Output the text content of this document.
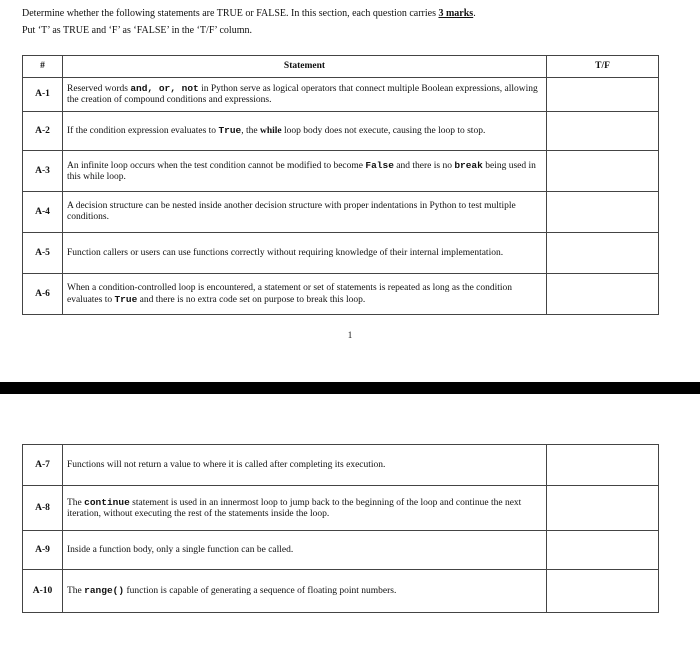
Determine whether the following statements are TRUE or FALSE. In this section, each question carries 3 marks.
Put ‘T’ as TRUE and ‘F’ as ‘FALSE’ in the ‘T/F’ column.
#	Statement	T/F
A-1	Reserved words and, or, not in Python serve as logical operators that connect multiple Boolean expressions, allowing the creation of compound conditions and expressions.	
A-2	If the condition expression evaluates to True, the while loop body does not execute, causing the loop to stop.	
A-3	An infinite loop occurs when the test condition cannot be modified to become False and there is no break being used in this while loop.	
A-4	A decision structure can be nested inside another decision structure with proper indentations in Python to test multiple conditions.	
A-5	Function callers or users can use functions correctly without requiring knowledge of their internal implementation.	
A-6	When a condition-controlled loop is encountered, a statement or set of statements is repeated as long as the condition evaluates to True and there is no extra code set on purpose to break this loop.	
1
A-7	Functions will not return a value to where it is called after completing its execution.	
A-8	The continue statement is used in an innermost loop to jump back to the beginning of the loop and continue the next iteration, without executing the rest of the statements inside the loop.	
A-9	Inside a function body, only a single function can be called.	
A-10	The range() function is capable of generating a sequence of floating point numbers.	
